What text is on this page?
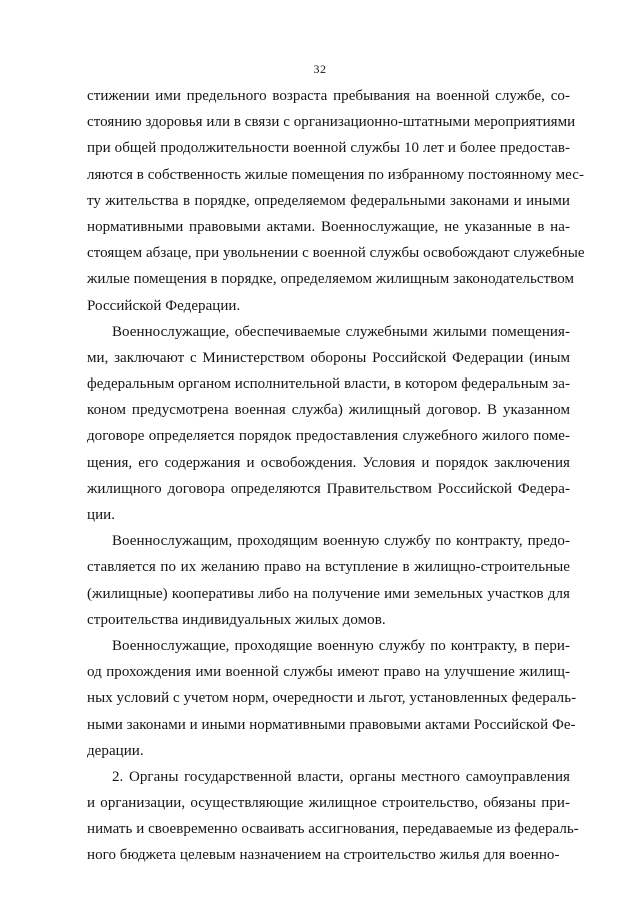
32
стижении ими предельного возраста пребывания на военной службе, со-
стоянию здоровья или в связи с организационно-штатными мероприятиями
при общей продолжительности военной службы 10 лет и более предостав-
ляются в собственность жилые помещения по избранному постоянному мес-
ту жительства в порядке, определяемом федеральными законами и иными
нормативными правовыми актами. Военнослужащие, не указанные в на-
стоящем абзаце, при увольнении с военной службы освобождают служебные
жилые помещения в порядке, определяемом жилищным законодательством
Российской Федерации.
Военнослужащие, обеспечиваемые служебными жилыми помещения-
ми, заключают с Министерством обороны Российской Федерации (иным
федеральным органом исполнительной власти, в котором федеральным за-
коном предусмотрена военная служба) жилищный договор. В указанном
договоре определяется порядок предоставления служебного жилого поме-
щения, его содержания и освобождения. Условия и порядок заключения
жилищного договора определяются Правительством Российской Федера-
ции.
Военнослужащим, проходящим военную службу по контракту, предо-
ставляется по их желанию право на вступление в жилищно-строительные
(жилищные) кооперативы либо на получение ими земельных участков для
строительства индивидуальных жилых домов.
Военнослужащие, проходящие военную службу по контракту, в пери-
од прохождения ими военной службы имеют право на улучшение жилищ-
ных условий с учетом норм, очередности и льгот, установленных федераль-
ными законами и иными нормативными правовыми актами Российской Фе-
дерации.
2. Органы государственной власти, органы местного самоуправления
и организации, осуществляющие жилищное строительство, обязаны при-
нимать и своевременно осваивать ассигнования, передаваемые из федераль-
ного бюджета целевым назначением на строительство жилья для военно-
